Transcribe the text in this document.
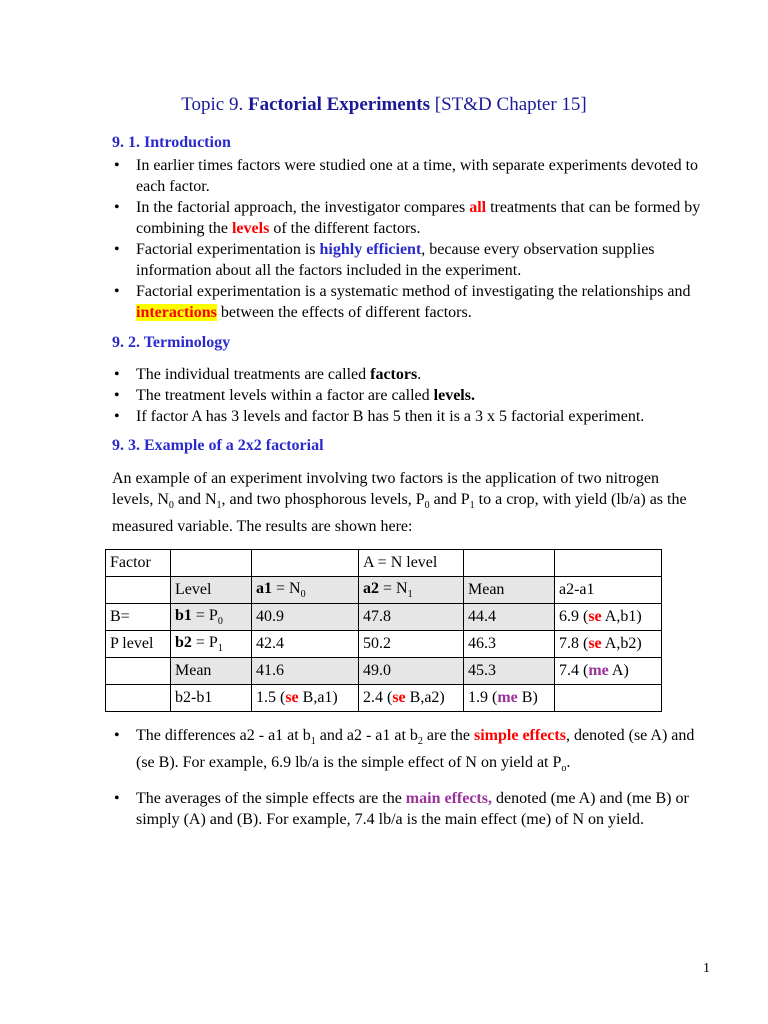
Topic 9. Factorial Experiments [ST&D Chapter 15]
9. 1. Introduction
• In earlier times factors were studied one at a time, with separate experiments devoted to each factor.
• In the factorial approach, the investigator compares all treatments that can be formed by combining the levels of the different factors.
• Factorial experimentation is highly efficient, because every observation supplies information about all the factors included in the experiment.
• Factorial experimentation is a systematic method of investigating the relationships and interactions between the effects of different factors.
9. 2. Terminology
• The individual treatments are called factors.
• The treatment levels within a factor are called levels.
• If factor A has 3 levels and factor B has 5 then it is a 3 x 5 factorial experiment.
9. 3. Example of a 2x2 factorial
An example of an experiment involving two factors is the application of two nitrogen levels, $N_0$ and $N_1$, and two phosphorous levels, $P_0$ and $P_1$ to a crop, with yield (lb/a) as the measured variable. The results are shown here:
Factor			A = N level		
	Level	$a1 = N_0$	$a2 = N_1$	Mean	a2-a1
B=	$b1 = P_0$	40.9	47.8	44.4	6.9 (se A,b1)
P level	$b2 = P_1$	42.4	50.2	46.3	7.8 (se A,b2)
	Mean	41.6	49.0	45.3	7.4 (me A)
	b2-b1	1.5 (se B,a1)	2.4 (se B,a2)	1.9 (me B)	
• The differences a2 - a1 at $b_1$ and a2 - a1 at $b_2$ are the simple effects, denoted (se A) and (se B). For example, 6.9 lb/a is the simple effect of N on yield at $P_o$.
• The averages of the simple effects are the main effects, denoted (me A) and (me B) or simply (A) and (B). For example, 7.4 lb/a is the main effect (me) of N on yield.
1
